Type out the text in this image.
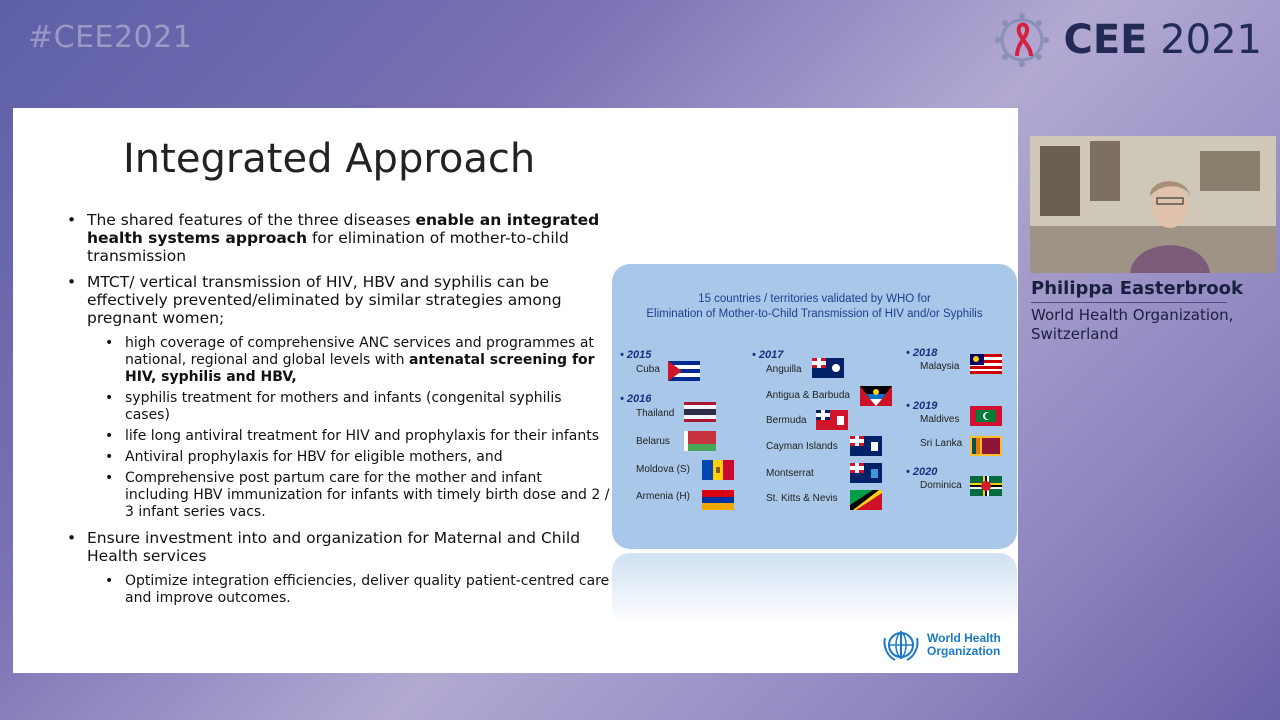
#CEE2021	CEE 2021
Integrated Approach
• The shared features of the three diseases enable an integrated health systems approach for elimination of mother-to-child transmission
• MTCT/ vertical transmission of HIV, HBV and syphilis can be effectively prevented/eliminated by similar strategies among pregnant women;
• high coverage of comprehensive ANC services and programmes at national, regional and global levels with antenatal screening for HIV, syphilis and HBV,
• syphilis treatment for mothers and infants (congenital syphilis cases)
• life long antiviral treatment for HIV and prophylaxis for their infants
• Antiviral prophylaxis for HBV for eligible mothers, and
• Comprehensive post partum care for the mother and infant including HBV immunization for infants with timely birth dose and 2 / 3 infant series vacs.
• Ensure investment into and organization for Maternal and Child Health services
• Optimize integration efficiencies, deliver quality patient-centred care and improve outcomes.
15 countries / territories validated by WHO for
Elimination of Mother-to-Child Transmission of HIV and/or Syphilis
• 2015
Cuba
• 2016
Thailand
Belarus
Moldova (S)
Armenia (H)
• 2017
Anguilla
Antigua & Barbuda
Bermuda
Cayman Islands
Montserrat
St. Kitts & Nevis
• 2018
Malaysia
• 2019
Maldives
Sri Lanka
• 2020
Dominica
World Health
Organization
Philippa Easterbrook
World Health Organization,
Switzerland
